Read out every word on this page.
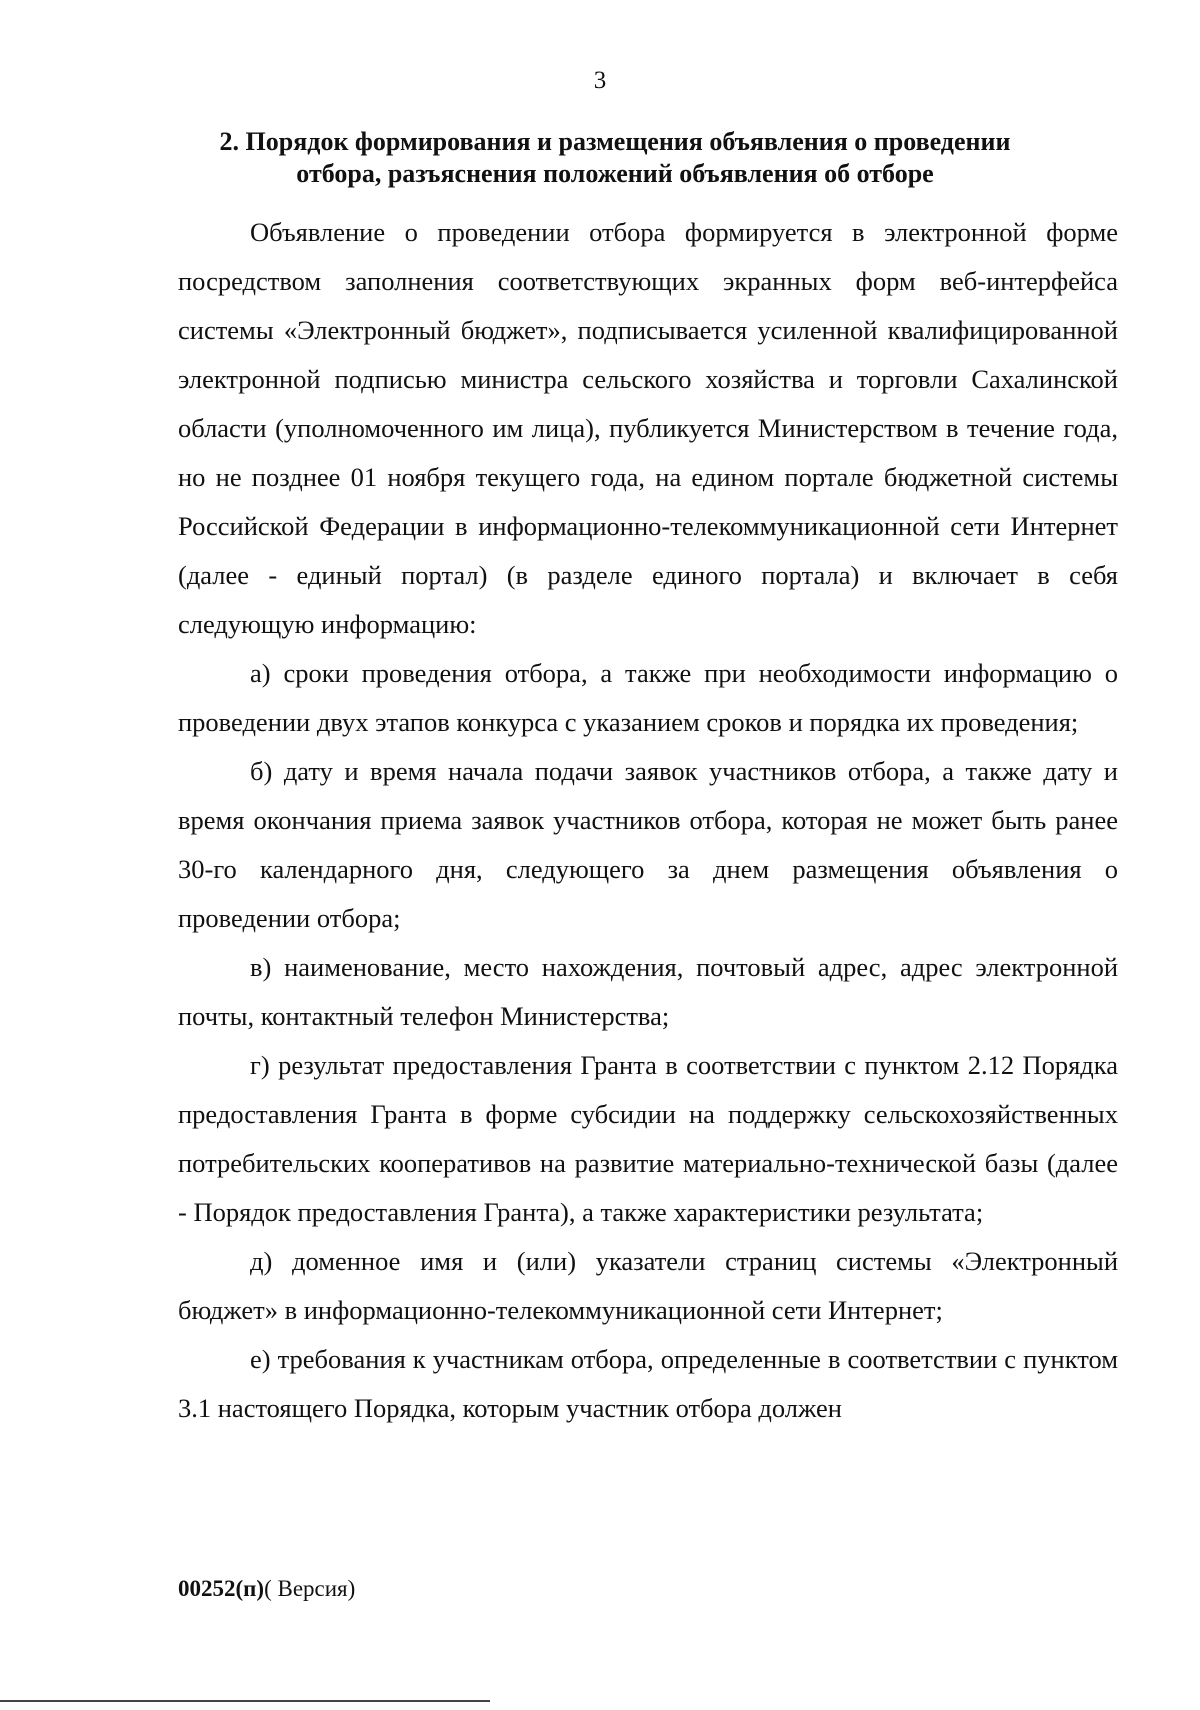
3
2. Порядок формирования и размещения объявления о проведении
отбора, разъяснения положений объявления об отборе

Объявление о проведении отбора формируется в электронной форме посредством заполнения соответствующих экранных форм веб-интерфейса системы «Электронный бюджет», подписывается усиленной квалифицированной электронной подписью министра сельского хозяйства и торговли Сахалинской области (уполномоченного им лица), публикуется Министерством в течение года, но не позднее 01 ноября текущего года, на едином портале бюджетной системы Российской Федерации в информационно-телекоммуникационной сети Интернет (далее - единый портал) (в разделе единого портала) и включает в себя следующую информацию:

а) сроки проведения отбора, а также при необходимости информацию о проведении двух этапов конкурса с указанием сроков и порядка их проведения;

б) дату и время начала подачи заявок участников отбора, а также дату и время окончания приема заявок участников отбора, которая не может быть ранее 30-го календарного дня, следующего за днем размещения объявления о проведении отбора;

в) наименование, место нахождения, почтовый адрес, адрес электронной почты, контактный телефон Министерства;

г) результат предоставления Гранта в соответствии с пунктом 2.12 Порядка предоставления Гранта в форме субсидии на поддержку сельскохозяйственных потребительских кооперативов на развитие материально-технической базы (далее - Порядок предоставления Гранта), а также характеристики результата;

д) доменное имя и (или) указатели страниц системы «Электронный бюджет» в информационно-телекоммуникационной сети Интернет;

е) требования к участникам отбора, определенные в соответствии с пунктом 3.1 настоящего Порядка, которым участник отбора должен

00252(п)( Версия)
